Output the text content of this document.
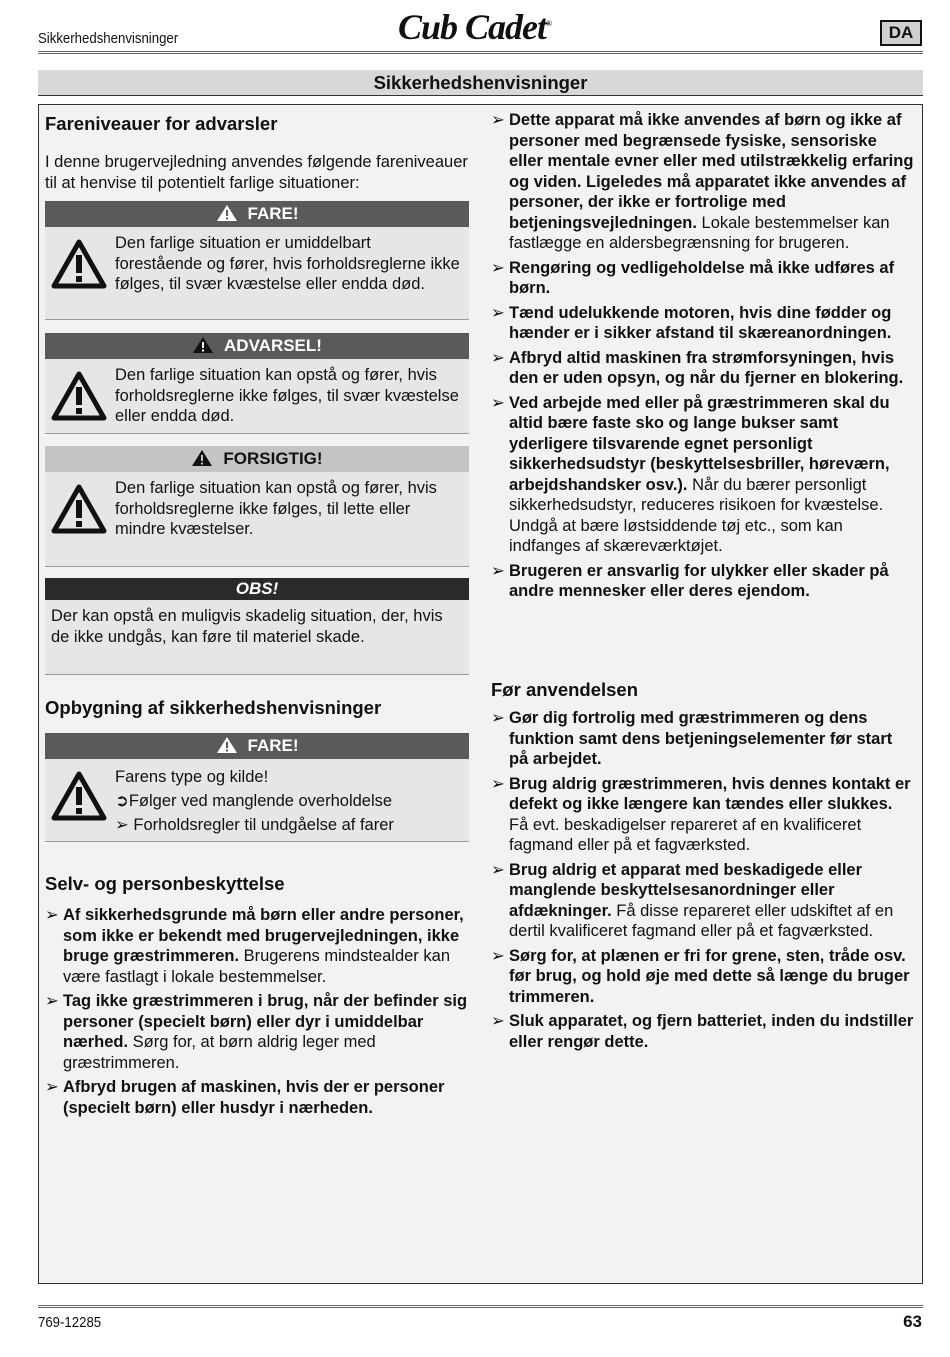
Sikkerhedshenvisninger	Cub Cadet®	DA
Sikkerhedshenvisninger
Fareniveauer for advarsler
I denne brugervejledning anvendes følgende fareniveauer til at henvise til potentielt farlige situationer:
FARE!
Den farlige situation er umiddelbart forestående og fører, hvis forholdsreglerne ikke følges, til svær kvæstelse eller endda død.
ADVARSEL!
Den farlige situation kan opstå og fører, hvis forholdsreglerne ikke følges, til svær kvæstelse eller endda død.
FORSIGTIG!
Den farlige situation kan opstå og fører, hvis forholdsreglerne ikke følges, til lette eller mindre kvæstelser.
OBS!
Der kan opstå en muligvis skadelig situation, der, hvis de ikke undgås, kan føre til materiel skade.
Opbygning af sikkerhedshenvisninger
FARE!
Farens type og kilde!
➲Følger ved manglende overholdelse
➢ Forholdsregler til undgåelse af farer
Selv- og personbeskyttelse
➢ Af sikkerhedsgrunde må børn eller andre personer, som ikke er bekendt med brugervejledningen, ikke bruge græstrimmeren. Brugerens mindstealder kan være fastlagt i lokale bestemmelser.
➢ Tag ikke græstrimmeren i brug, når der befinder sig personer (specielt børn) eller dyr i umiddelbar nærhed. Sørg for, at børn aldrig leger med græstrimmeren.
➢ Afbryd brugen af maskinen, hvis der er personer (specielt børn) eller husdyr i nærheden.
➢ Dette apparat må ikke anvendes af børn og ikke af personer med begrænsede fysiske, sensoriske eller mentale evner eller med utilstrækkelig erfaring og viden. Ligeledes må apparatet ikke anvendes af personer, der ikke er fortrolige med betjeningsvejledningen. Lokale bestemmelser kan fastlægge en aldersbegrænsning for brugeren.
➢ Rengøring og vedligeholdelse må ikke udføres af børn.
➢ Tænd udelukkende motoren, hvis dine fødder og hænder er i sikker afstand til skæreanordningen.
➢ Afbryd altid maskinen fra strømforsyningen, hvis den er uden opsyn, og når du fjerner en blokering.
➢ Ved arbejde med eller på græstrimmeren skal du altid bære faste sko og lange bukser samt yderligere tilsvarende egnet personligt sikkerhedsudstyr (beskyttelsesbriller, høreværn, arbejdshandsker osv.). Når du bærer personligt sikkerhedsudstyr, reduceres risikoen for kvæstelse. Undgå at bære løstsiddende tøj etc., som kan indfanges af skæreværktøjet.
➢ Brugeren er ansvarlig for ulykker eller skader på andre mennesker eller deres ejendom.
Før anvendelsen
➢ Gør dig fortrolig med græstrimmeren og dens funktion samt dens betjeningselementer før start på arbejdet.
➢ Brug aldrig græstrimmeren, hvis dennes kontakt er defekt og ikke længere kan tændes eller slukkes. Få evt. beskadigelser repareret af en kvalificeret fagmand eller på et fagværksted.
➢ Brug aldrig et apparat med beskadigede eller manglende beskyttelsesanordninger eller afdækninger. Få disse repareret eller udskiftet af en dertil kvalificeret fagmand eller på et fagværksted.
➢ Sørg for, at plænen er fri for grene, sten, tråde osv. før brug, og hold øje med dette så længe du bruger trimmeren.
➢ Sluk apparatet, og fjern batteriet, inden du indstiller eller rengør dette.
769-12285	63
